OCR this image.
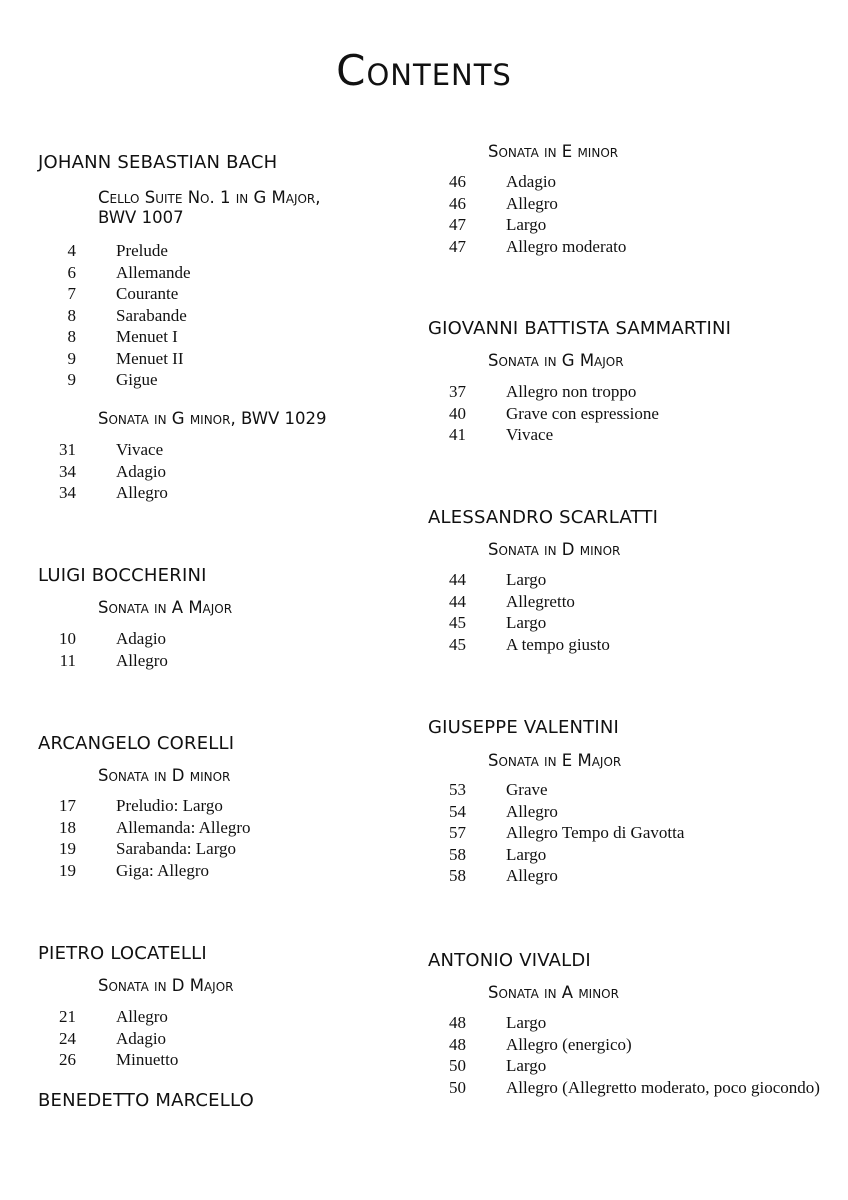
Contents
JOHANN SEBASTIAN BACH
Cello Suite No. 1 in G Major,
BWV 1007
4 Prelude
6 Allemande
7 Courante
8 Sarabande
8 Menuet I
9 Menuet II
9 Gigue
Sonata in G minor, BWV 1029
31 Vivace
34 Adagio
34 Allegro
LUIGI BOCCHERINI
Sonata in A Major
10 Adagio
11 Allegro
ARCANGELO CORELLI
Sonata in D minor
17 Preludio: Largo
18 Allemanda: Allegro
19 Sarabanda: Largo
19 Giga: Allegro
PIETRO LOCATELLI
Sonata in D Major
21 Allegro
24 Adagio
26 Minuetto
BENEDETTO MARCELLO
Sonata in E minor
46 Adagio
46 Allegro
47 Largo
47 Allegro moderato
GIOVANNI BATTISTA SAMMARTINI
Sonata in G Major
37 Allegro non troppo
40 Grave con espressione
41 Vivace
ALESSANDRO SCARLATTI
Sonata in D minor
44 Largo
44 Allegretto
45 Largo
45 A tempo giusto
GIUSEPPE VALENTINI
Sonata in E Major
53 Grave
54 Allegro
57 Allegro Tempo di Gavotta
58 Largo
58 Allegro
ANTONIO VIVALDI
Sonata in A minor
48 Largo
48 Allegro (energico)
50 Largo
50 Allegro (Allegretto moderato, poco giocondo)
